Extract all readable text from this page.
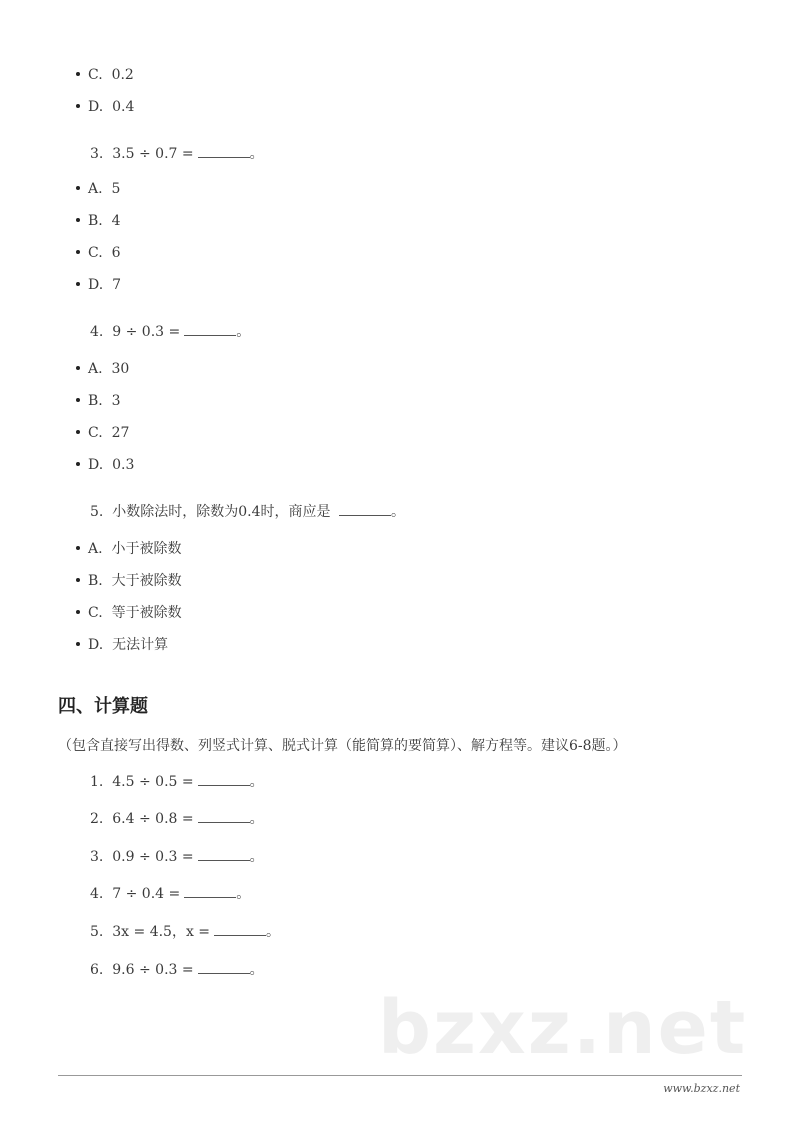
C. 0.2
D. 0.4
3. 3.5 ÷ 0.7 =	。
A. 5
B. 4
C. 6
D. 7
4. 9 ÷ 0.3 =	。
A. 30
B. 3
C. 27
D. 0.3
5. 小数除法时，除数为0.4时，商应是	。
A. 小于被除数
B. 大于被除数
C. 等于被除数
D. 无法计算
四、计算题
（包含直接写出得数、列竖式计算、脱式计算（能简算的要简算）、解方程等。建议6-8题。）
1. 4.5 ÷ 0.5 =	。
2. 6.4 ÷ 0.8 =	。
3. 0.9 ÷ 0.3 =	。
4. 7 ÷ 0.4 =	。
5. 3x = 4.5，x =	。
6. 9.6 ÷ 0.3 =	。
bzxz.net
www.bzxz.net
